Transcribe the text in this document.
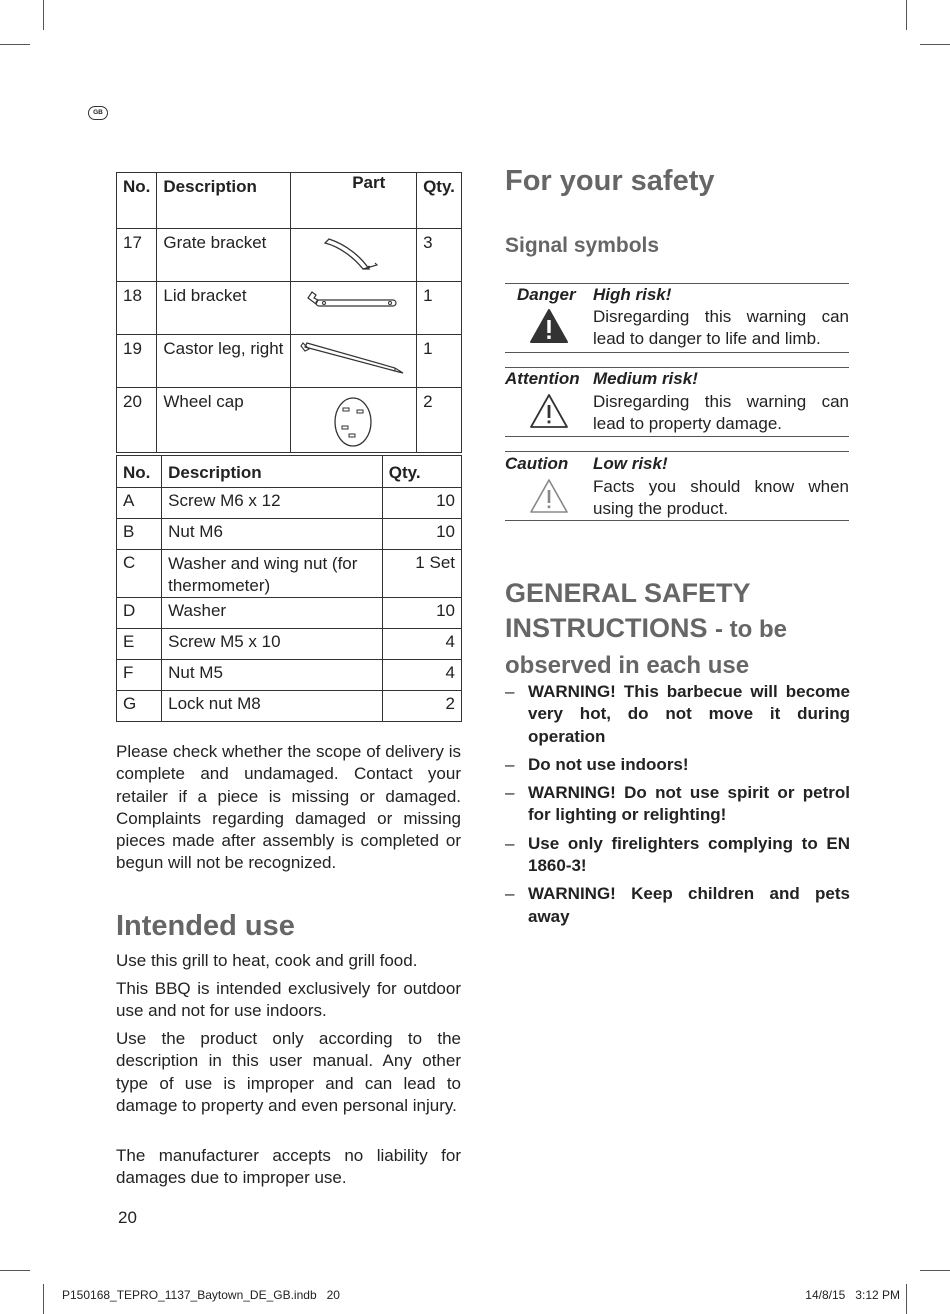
GB
No.	Description	Part	Qty.
17	Grate bracket		3
18	Lid bracket		1
19	Castor leg, right		1
20	Wheel cap		2
No.	Description	Qty.
A	Screw M6 x 12	10
B	Nut M6	10
C	Washer and wing nut (for thermometer)	1 Set
D	Washer	10
E	Screw M5 x 10	4
F	Nut M5	4
G	Lock nut M8	2

Please check whether the scope of delivery is complete and undamaged. Contact your retailer if a piece is missing or damaged. Complaints regarding damaged or missing pieces made after assembly is completed or begun will not be recognized.

Intended use

Use this grill to heat, cook and grill food.

This BBQ is intended exclusively for outdoor use and not for use indoors.

Use the product only according to the description in this user manual. Any other type of use is improper and can lead to damage to property and even personal injury.

The manufacturer accepts no liability for damages due to improper use.

20
For your safety
Signal symbols
Danger High risk!
Disregarding this warning can lead to danger to life and limb.
Attention Medium risk!
Disregarding this warning can lead to property damage.
Caution Low risk!
Facts you should know when using the product.
GENERAL SAFETY INSTRUCTIONS - to be observed in each use
– WARNING! This barbecue will become very hot, do not move it during operation
– Do not use indoors!
– WARNING! Do not use spirit or petrol for lighting or relighting!
– Use only firelighters complying to EN 1860-3!
– WARNING! Keep children and pets away
P150168_TEPRO_1137_Baytown_DE_GB.indb   20	14/8/15   3:12 PM
